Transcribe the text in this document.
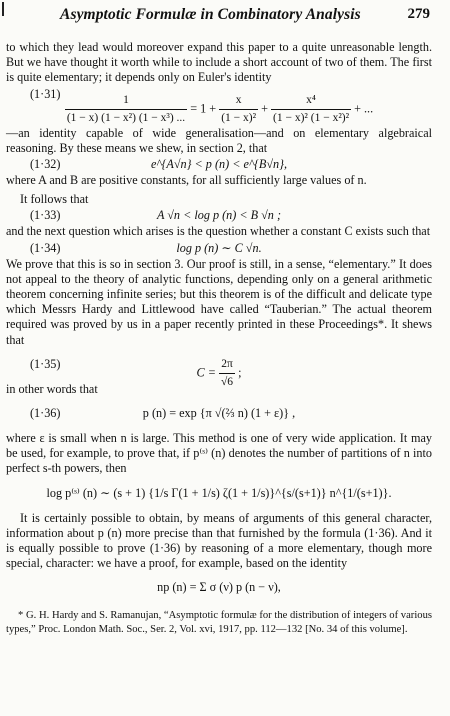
Asymptotic Formulæ in Combinatory Analysis	279

to which they lead would moreover expand this paper to a quite unreasonable length. But we have thought it worth while to include a short account of two of them. The first is quite elementary; it depends only on Euler's identity

$(1\cdot 31) \frac{1}{\text{(1 − x) (1 − x²) (1 − x³) ...}} = 1 + \frac{x}{\text{(1 − x)²}} + \frac{\text{x⁴}}{\text{(1 − x)² (1 − x²)²}}$ + ...

—an identity capable of wide generalisation—and on elementary algebraical reasoning. By these means we shew, in section 2, that

(1·32)	e^{A√n} < p (n) < e^{B√n},

where A and B are positive constants, for all sufficiently large values of n.

It follows that

(1·33)	A √n < log p (n) < B √n ;

and the next question which arises is the question whether a constant C exists such that

(1·34)	log p (n) ∼ C √n.

We prove that this is so in section 3. Our proof is still, in a sense, “elementary.” It does not appeal to the theory of analytic functions, depending only on a general arithmetic theorem concerning infinite series; but this theorem is of the difficult and delicate type which Messrs Hardy and Littlewood have called “Tauberian.” The actual theorem required was proved by us in a paper recently printed in these Proceedings*. It shews that

(1·35)
$C = \frac{2\pi}{√6}$ ;

in other words that

(1·36)	p (n) = exp {π √(⅔ n) (1 + ε)} ,

where ε is small when n is large. This method is one of very wide application. It may be used, for example, to prove that, if p⁽ˢ⁾ (n) denotes the number of partitions of n into perfect s-th powers, then

log p⁽ˢ⁾ (n) ∼ (s + 1) {1/s Γ(1 + 1/s) ζ(1 + 1/s)}^{s/(s+1)} n^{1/(s+1)}.

It is certainly possible to obtain, by means of arguments of this general character, information about p (n) more precise than that furnished by the formula (1·36). And it is equally possible to prove (1·36) by reasoning of a more elementary, though more special, character: we have a proof, for example, based on the identity

np (n) = Σ σ (ν) p (n − ν),

* G. H. Hardy and S. Ramanujan, “Asymptotic formulæ for the distribution of integers of various types,” Proc. London Math. Soc., Ser. 2, Vol. xvi, 1917, pp. 112—132 [No. 34 of this volume].
